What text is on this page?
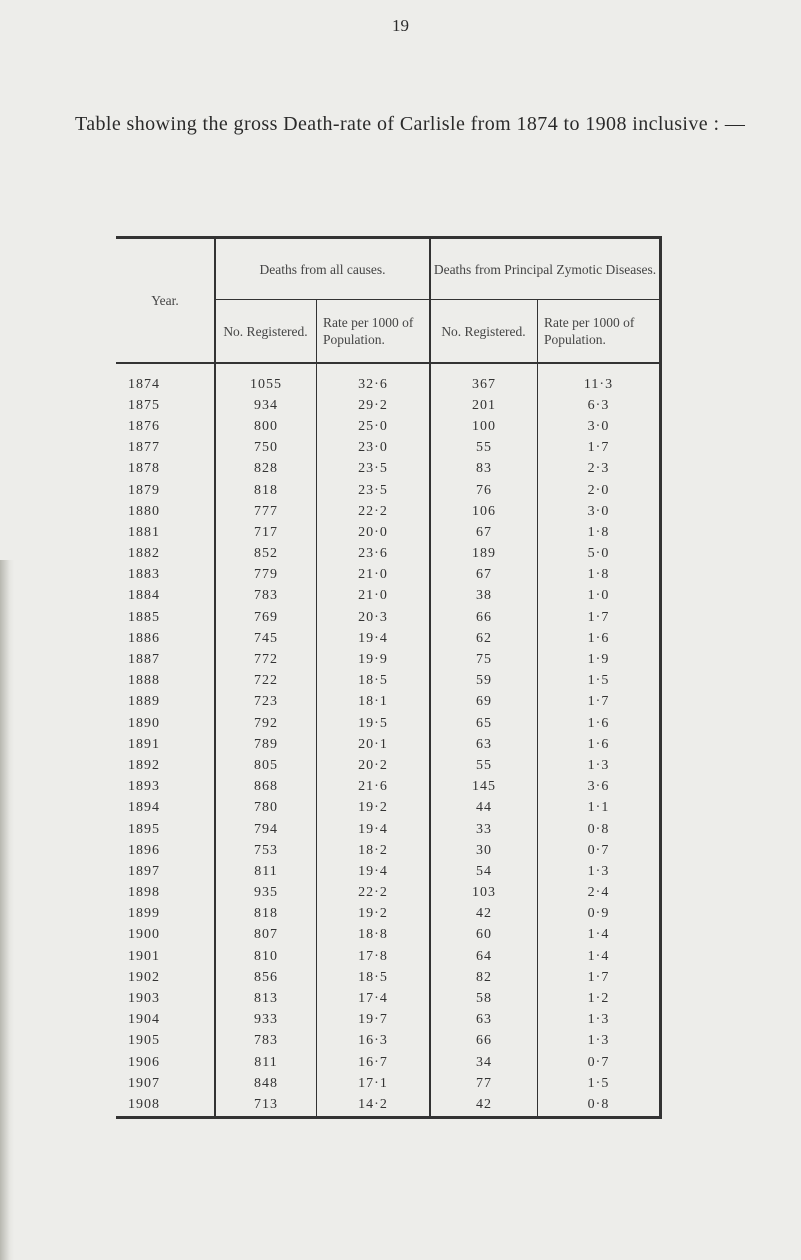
19
Table showing the gross Death-rate of Carlisle from 1874 to 1908 inclusive : —
Year.	Deaths from all causes.		Deaths from Principal Zymotic Diseases.	
	No. Registered.	Rate per 1000 of Population.	No. Registered.	Rate per 1000 of Population.
1874	1055	32·6	367	11·3
1875	934	29·2	201	6·3
1876	800	25·0	100	3·0
1877	750	23·0	55	1·7
1878	828	23·5	83	2·3
1879	818	23·5	76	2·0
1880	777	22·2	106	3·0
1881	717	20·0	67	1·8
1882	852	23·6	189	5·0
1883	779	21·0	67	1·8
1884	783	21·0	38	1·0
1885	769	20·3	66	1·7
1886	745	19·4	62	1·6
1887	772	19·9	75	1·9
1888	722	18·5	59	1·5
1889	723	18·1	69	1·7
1890	792	19·5	65	1·6
1891	789	20·1	63	1·6
1892	805	20·2	55	1·3
1893	868	21·6	145	3·6
1894	780	19·2	44	1·1
1895	794	19·4	33	0·8
1896	753	18·2	30	0·7
1897	811	19·4	54	1·3
1898	935	22·2	103	2·4
1899	818	19·2	42	0·9
1900	807	18·8	60	1·4
1901	810	17·8	64	1·4
1902	856	18·5	82	1·7
1903	813	17·4	58	1·2
1904	933	19·7	63	1·3
1905	783	16·3	66	1·3
1906	811	16·7	34	0·7
1907	848	17·1	77	1·5
1908	713	14·2	42	0·8
